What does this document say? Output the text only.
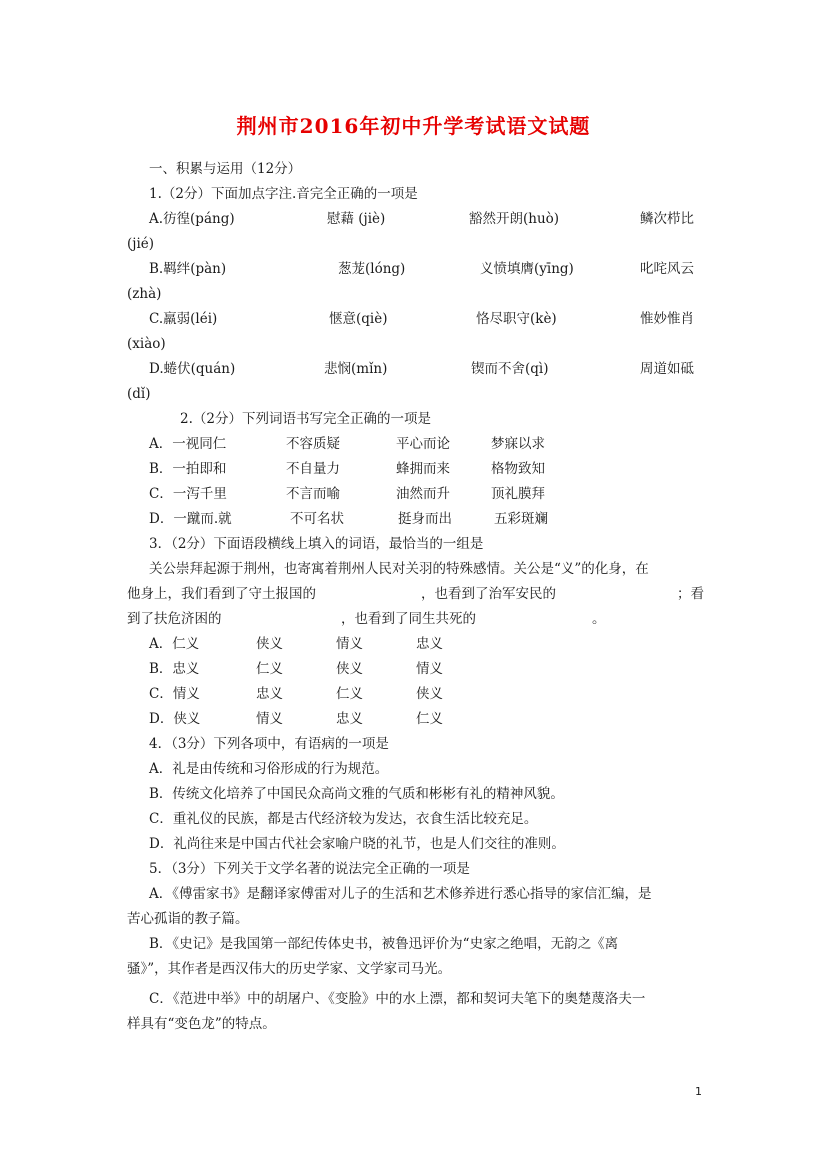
荆州市2016年初中升学考试语文试题
一、积累与运用（12分）
1.（2分）下面加点字注.音完全正确的一项是
A.彷徨(páng)	慰藉 (jiè)	豁然开朗(huò)	鳞次栉比
(jié)
B.羁绊(pàn)	葱茏(lóng)	义愤填膺(yīng)	叱咤风云
(zhà)
C.羸弱(léi)	惬意(qiè)	恪尽职守(kè)	惟妙惟肖
(xiào)
D.蜷伏(quán)	悲悯(mǐn)	锲而不舍(qì)	周道如砥
(dǐ)
2.（2分）下列词语书写完全正确的一项是
A．一视同仁	不容质疑	平心而论	梦寐以求
B．一拍即和	不自量力	蜂拥而来	格物致知
C．一泻千里	不言而喻	油然而升	顶礼膜拜
D．一蹴而.就	不可名状	挺身而出	五彩斑斓
3．（2分）下面语段横线上填入的词语，最恰当的一组是
关公崇拜起源于荆州，也寄寓着荆州人民对关羽的特殊感情。关公是“义”的化身，在
他身上，我们看到了守土报国的	，也看到了治军安民的	；看
到了扶危济困的	，也看到了同生共死的	。
A．仁义	侠义	情义	忠义
B．忠义	仁义	侠义	情义
C．情义	忠义	仁义	侠义
D．侠义	情义	忠义	仁义
4．（3分）下列各项中，有语病的一项是
A．礼是由传统和习俗形成的行为规范。
B．传统文化培养了中国民众高尚文雅的气质和彬彬有礼的精神风貌。
C．重礼仪的民族，都是古代经济较为发达，衣食生活比较充足。
D．礼尚往来是中国古代社会家喻户晓的礼节，也是人们交往的准则。
5．（3分）下列关于文学名著的说法完全正确的一项是
A．《傅雷家书》是翻译家傅雷对儿子的生活和艺术修养进行悉心指导的家信汇编，是
苦心孤诣的教子篇。
B．《史记》是我国第一部纪传体史书，被鲁迅评价为“史家之绝唱，无韵之《离
骚》”，其作者是西汉伟大的历史学家、文学家司马光。
C．《范进中举》中的胡屠户、《变脸》中的水上漂，都和契诃夫笔下的奥楚蔑洛夫一
样具有“变色龙”的特点。
1
